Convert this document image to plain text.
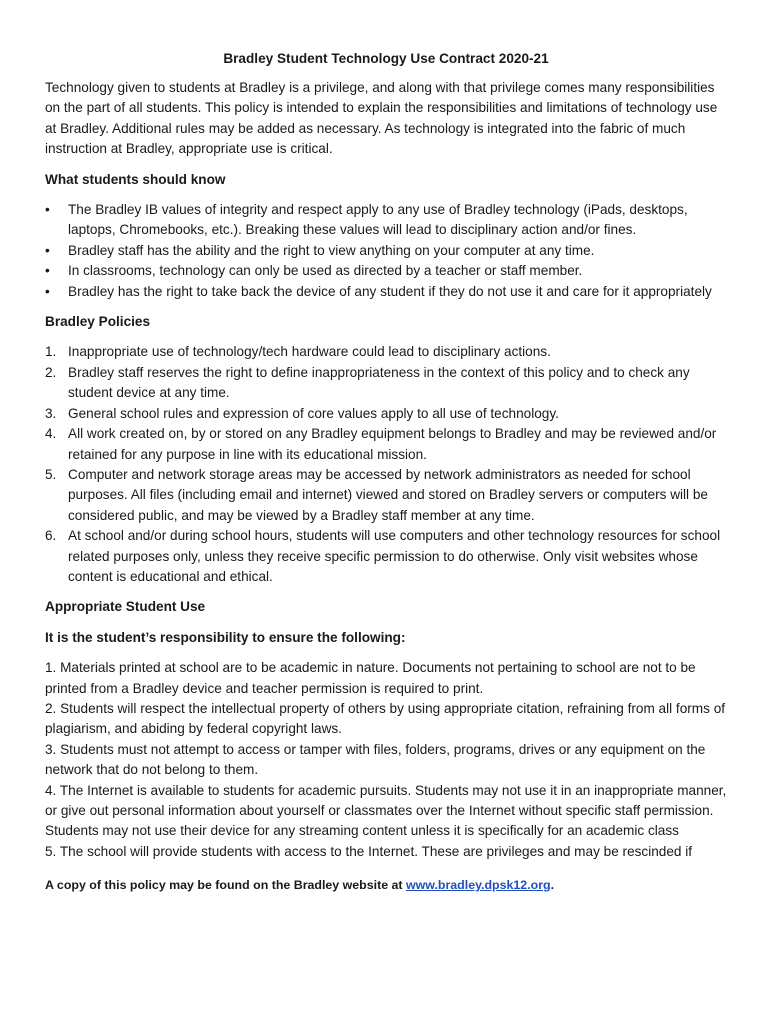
Bradley Student Technology Use Contract 2020-21

Technology given to students at Bradley is a privilege, and along with that privilege comes many responsibilities on the part of all students. This policy is intended to explain the responsibilities and limitations of technology use at Bradley. Additional rules may be added as necessary. As technology is integrated into the fabric of much instruction at Bradley, appropriate use is critical.

What students should know
•	The Bradley IB values of integrity and respect apply to any use of Bradley technology (iPads, desktops, laptops, Chromebooks, etc.). Breaking these values will lead to disciplinary action and/or fines.
•	Bradley staff has the ability and the right to view anything on your computer at any time.
•	In classrooms, technology can only be used as directed by a teacher or staff member.
•	Bradley has the right to take back the device of any student if they do not use it and care for it appropriately
Bradley Policies
1. Inappropriate use of technology/tech hardware could lead to disciplinary actions.
2. Bradley staff reserves the right to define inappropriateness in the context of this policy and to check any student device at any time.
3. General school rules and expression of core values apply to all use of technology.
4. All work created on, by or stored on any Bradley equipment belongs to Bradley and may be reviewed and/or retained for any purpose in line with its educational mission.
5. Computer and network storage areas may be accessed by network administrators as needed for school purposes. All files (including email and internet) viewed and stored on Bradley servers or computers will be considered public, and may be viewed by a Bradley staff member at any time.
6. At school and/or during school hours, students will use computers and other technology resources for school related purposes only, unless they receive specific permission to do otherwise. Only visit websites whose content is educational and ethical.
Appropriate Student Use
It is the student’s responsibility to ensure the following:

1. Materials printed at school are to be academic in nature. Documents not pertaining to school are not to be printed from a Bradley device and teacher permission is required to print.

2. Students will respect the intellectual property of others by using appropriate citation, refraining from all forms of plagiarism, and abiding by federal copyright laws.

3. Students must not attempt to access or tamper with files, folders, programs, drives or any equipment on the network that do not belong to them.

4. The Internet is available to students for academic pursuits. Students may not use it in an inappropriate manner, or give out personal information about yourself or classmates over the Internet without specific staff permission. Students may not use their device for any streaming content unless it is specifically for an academic class

5. The school will provide students with access to the Internet. These are privileges and may be rescinded if

A copy of this policy may be found on the Bradley website at www.bradley.dpsk12.org.
